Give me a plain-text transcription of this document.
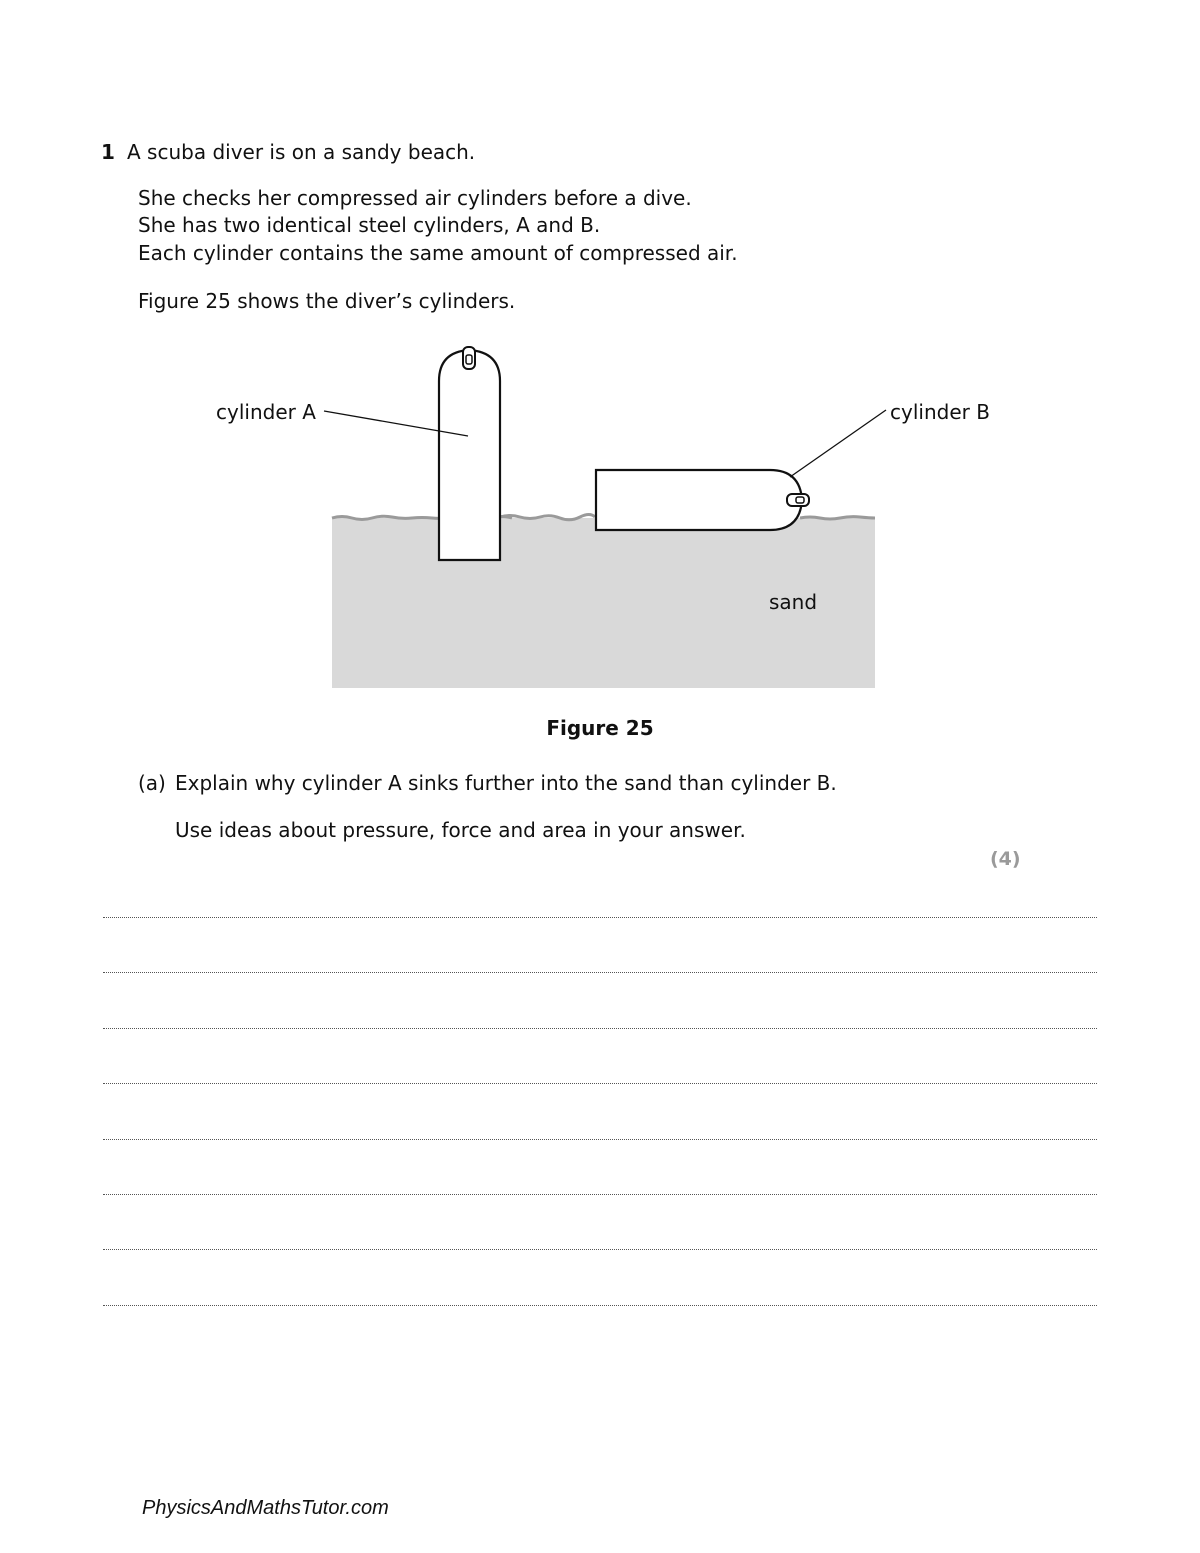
1 A scuba diver is on a sandy beach.
She checks her compressed air cylinders before a dive.
She has two identical steel cylinders, A and B.
Each cylinder contains the same amount of compressed air.
Figure 25 shows the diver’s cylinders.
cylinder A	cylinder B
sand
Figure 25
(a) Explain why cylinder A sinks further into the sand than cylinder B.
Use ideas about pressure, force and area in your answer.
(4)
PhysicsAndMathsTutor.com
